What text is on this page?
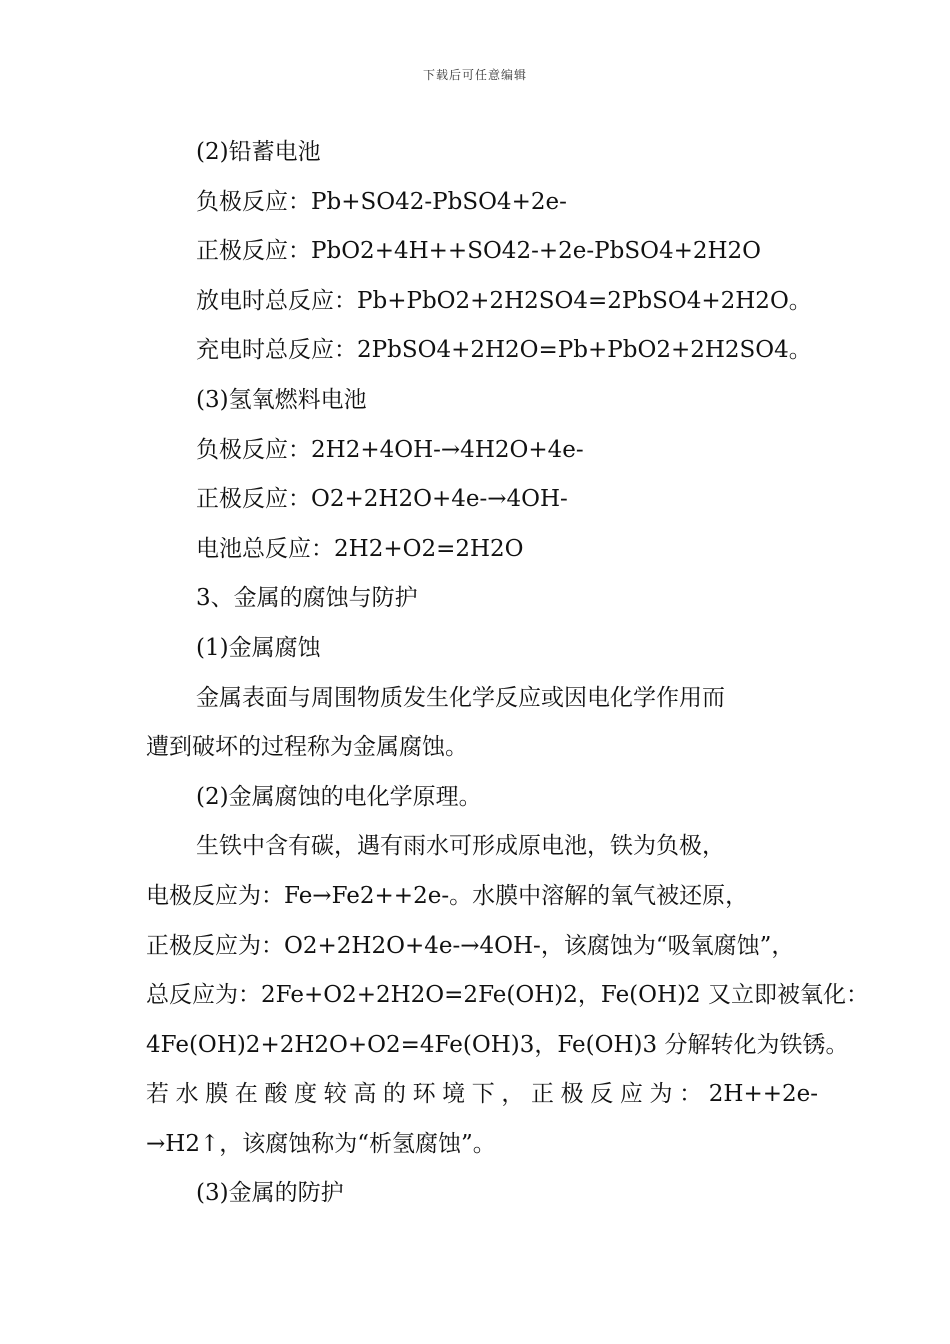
下载后可任意编辑
(2)铅蓄电池
负极反应：Pb+SO42-PbSO4+2e-
正极反应：PbO2+4H++SO42-+2e-PbSO4+2H2O
放电时总反应：Pb+PbO2+2H2SO4=2PbSO4+2H2O。
充电时总反应：2PbSO4+2H2O=Pb+PbO2+2H2SO4。
(3)氢氧燃料电池
负极反应：2H2+4OH-→4H2O+4e-
正极反应：O2+2H2O+4e-→4OH-
电池总反应：2H2+O2=2H2O
3、金属的腐蚀与防护
(1)金属腐蚀
金属表面与周围物质发生化学反应或因电化学作用而
遭到破坏的过程称为金属腐蚀。
(2)金属腐蚀的电化学原理。
生铁中含有碳，遇有雨水可形成原电池，铁为负极，
电极反应为：Fe→Fe2++2e-。水膜中溶解的氧气被还原，
正极反应为：O2+2H2O+4e-→4OH-，该腐蚀为“吸氧腐蚀”，
总反应为：2Fe+O2+2H2O=2Fe(OH)2，Fe(OH)2 又立即被氧化：
4Fe(OH)2+2H2O+O2=4Fe(OH)3，Fe(OH)3 分解转化为铁锈。
若水膜在酸度较高的环境下，正极反应为：2H++2e-
→H2↑，该腐蚀称为“析氢腐蚀”。
(3)金属的防护
